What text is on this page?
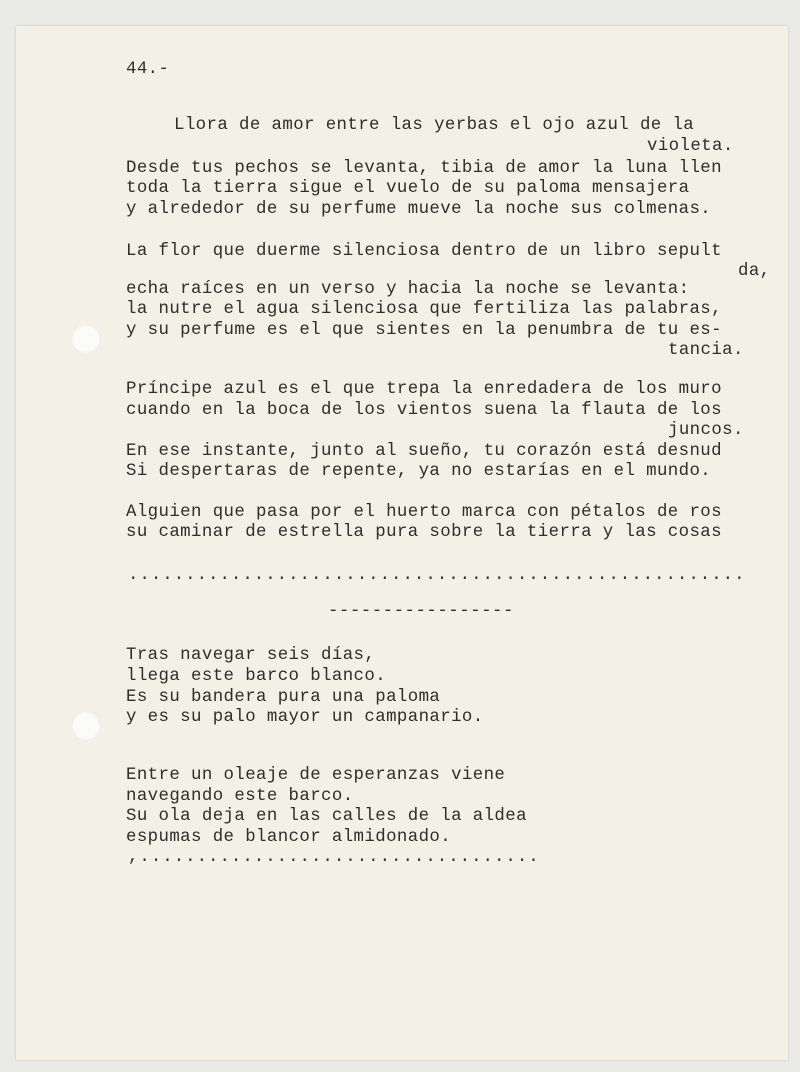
44.-
Llora de amor entre las yerbas el ojo azul de la
violeta.
Desde tus pechos se levanta, tibia de amor la luna llen
toda la tierra sigue el vuelo de su paloma mensajera
y alrededor de su perfume mueve la noche sus colmenas.
La flor que duerme silenciosa dentro de un libro sepult
da,
echa raíces en un verso y hacia la noche se levanta:
la nutre el agua silenciosa que fertiliza las palabras,
y su perfume es el que sientes en la penumbra de tu es-
tancia.
Príncipe azul es el que trepa la enredadera de los muro
cuando en la boca de los vientos suena la flauta de los
juncos.
En ese instante, junto al sueño, tu corazón está desnud
Si despertaras de repente, ya no estarías en el mundo.
Alguien que pasa por el huerto marca con pétalos de ros
su caminar de estrella pura sobre la tierra y las cosas
......................................................
-----------------
Tras navegar seis días,
llega este barco blanco.
Es su bandera pura una paloma
y es su palo mayor un campanario.
Entre un oleaje de esperanzas viene
navegando este barco.
Su ola deja en las calles de la aldea
espumas de blancor almidonado.
,...................................
